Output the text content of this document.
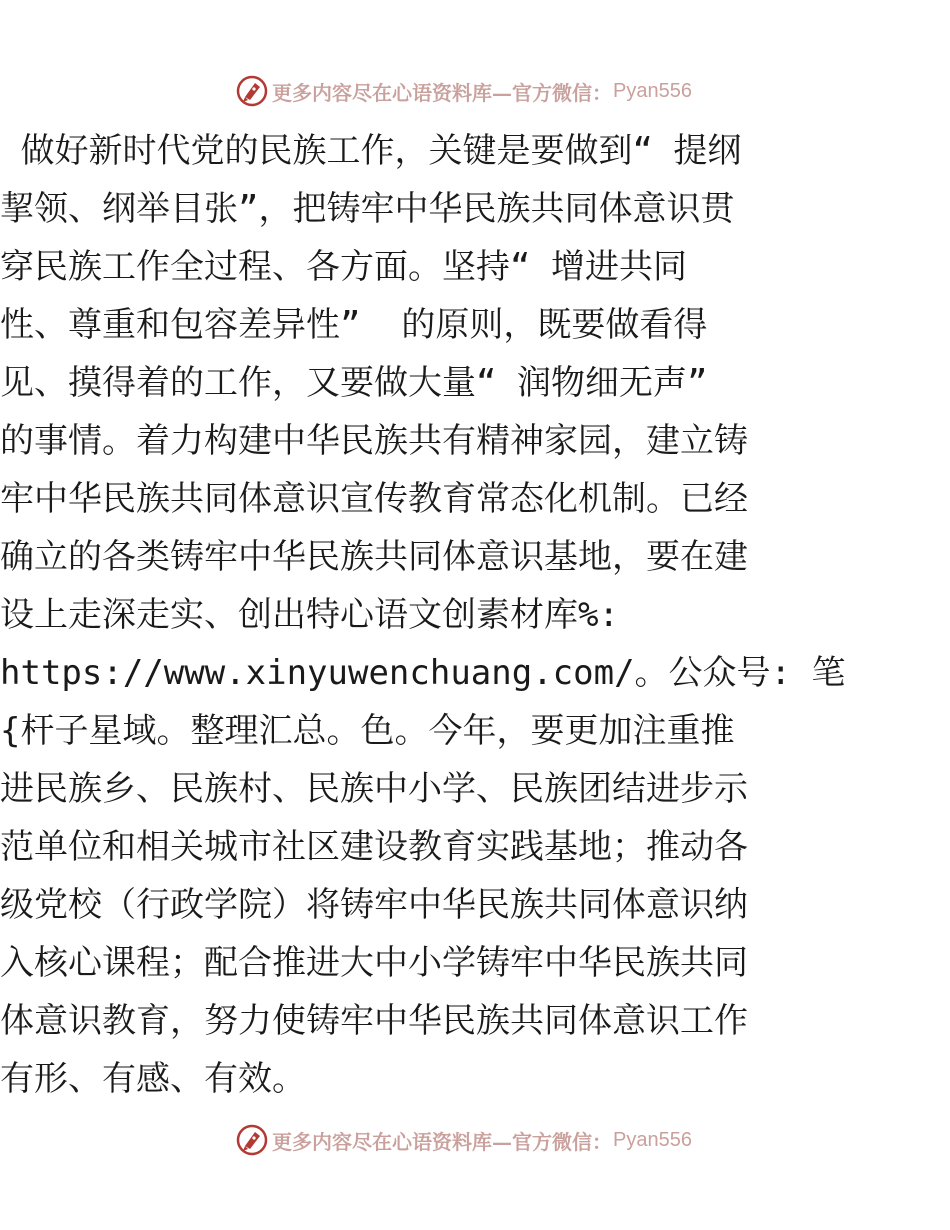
更多内容尽在心语资料库—官方微信： Pyan556
做好新时代党的民族工作，关键是要做到“ 提纲
挈领、纲举目张”，把铸牢中华民族共同体意识贯
穿民族工作全过程、各方面。坚持“ 增进共同
性、尊重和包容差异性”  的原则，既要做看得
见、摸得着的工作，又要做大量“ 润物细无声”
的事情。着力构建中华民族共有精神家园，建立铸
牢中华民族共同体意识宣传教育常态化机制。已经
确立的各类铸牢中华民族共同体意识基地，要在建
设上走深走实、创出特心语文创素材库%:
https://www.xinyuwenchuang.com/。公众号: 笔
{杆子星域。整理汇总。色。今年，要更加注重推
进民族乡、民族村、民族中小学、民族团结进步示
范单位和相关城市社区建设教育实践基地；推动各
级党校（行政学院）将铸牢中华民族共同体意识纳
入核心课程；配合推进大中小学铸牢中华民族共同
体意识教育，努力使铸牢中华民族共同体意识工作
有形、有感、有效。
更多内容尽在心语资料库—官方微信： Pyan556
